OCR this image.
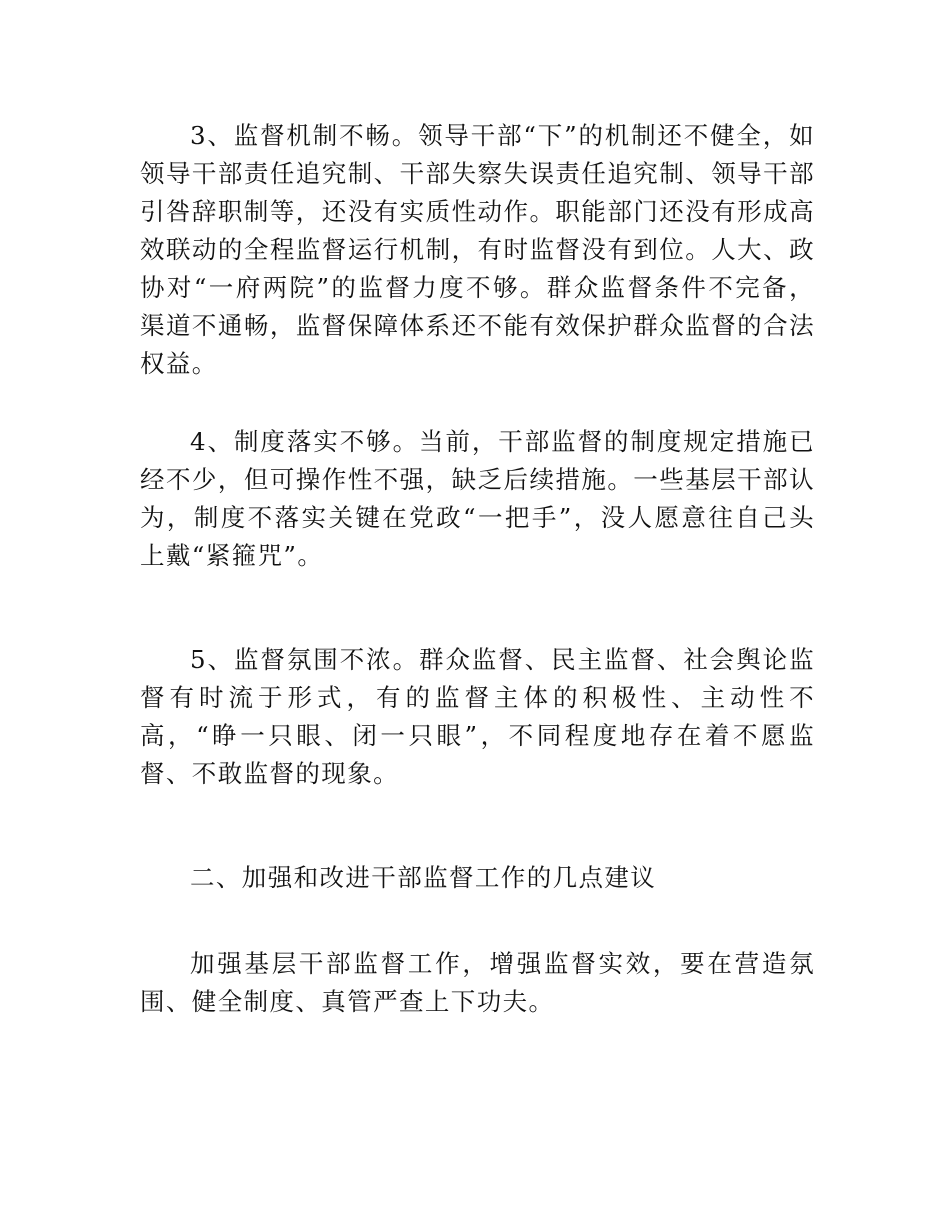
3、监督机制不畅。领导干部“下”的机制还不健全，如领导干部责任追究制、干部失察失误责任追究制、领导干部引咎辞职制等，还没有实质性动作。职能部门还没有形成高效联动的全程监督运行机制，有时监督没有到位。人大、政协对“一府两院”的监督力度不够。群众监督条件不完备，渠道不通畅，监督保障体系还不能有效保护群众监督的合法权益。

4、制度落实不够。当前，干部监督的制度规定措施已经不少，但可操作性不强，缺乏后续措施。一些基层干部认为，制度不落实关键在党政“一把手”，没人愿意往自己头上戴“紧箍咒”。

5、监督氛围不浓。群众监督、民主监督、社会舆论监督有时流于形式，有的监督主体的积极性、主动性不高，“睁一只眼、闭一只眼”，不同程度地存在着不愿监督、不敢监督的现象。

二、加强和改进干部监督工作的几点建议

加强基层干部监督工作，增强监督实效，要在营造氛围、健全制度、真管严查上下功夫。
